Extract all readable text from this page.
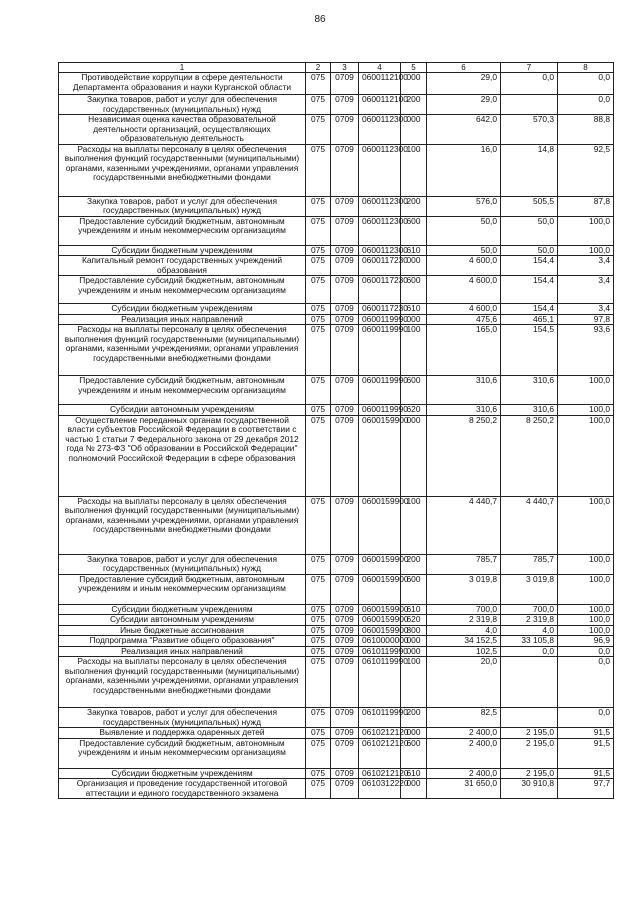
86
1	2	3	4	5	6	7	8
Противодействие коррупции в сфере деятельности Департамента образования и науки Курганской области	075	0709	0600112100	000	29,0	0,0	0,0
Закупка товаров, работ и услуг для обеспечения государственных (муниципальных) нужд	075	0709	0600112100	200	29,0		0,0
Независимая оценка качества образовательной деятельности организаций, осуществляющих образовательную деятельность	075	0709	0600112300	000	642,0	570,3	88,8
Расходы на выплаты персоналу в целях обеспечения выполнения функций государственными (муниципальными) органами, казенными учреждениями, органами управления государственными внебюджетными фондами	075	0709	0600112300	100	16,0	14,8	92,5
Закупка товаров, работ и услуг для обеспечения государственных (муниципальных) нужд	075	0709	0600112300	200	576,0	505,5	87,8
Предоставление субсидий бюджетным, автономным учреждениям и иным некоммерческим организациям	075	0709	0600112300	600	50,0	50,0	100,0
Субсидии бюджетным учреждениям	075	0709	0600112300	610	50,0	50,0	100,0
Капитальный ремонт государственных учреждений образования	075	0709	0600117230	000	4 600,0	154,4	3,4
Предоставление субсидий бюджетным, автономным учреждениям и иным некоммерческим организациям	075	0709	0600117230	600	4 600,0	154,4	3,4
Субсидии бюджетным учреждениям	075	0709	0600117230	610	4 600,0	154,4	3,4
Реализация иных направлений	075	0709	0600119990	000	475,6	465,1	97,8
Расходы на выплаты персоналу в целях обеспечения выполнения функций государственными (муниципальными) органами, казенными учреждениями, органами управления государственными внебюджетными фондами	075	0709	0600119990	100	165,0	154,5	93,6
Предоставление субсидий бюджетным, автономным учреждениям и иным некоммерческим организациям	075	0709	0600119990	600	310,6	310,6	100,0
Субсидии автономным учреждениям	075	0709	0600119990	620	310,6	310,6	100,0
Осуществление переданных органам государственной власти субъектов Российской Федерации в соответствии с частью 1 статьи 7 Федерального закона от 29 декабря 2012 года № 273-ФЗ "Об образовании в Российской Федерации" полномочий Российской Федерации в сфере образования	075	0709	0600159900	000	8 250,2	8 250,2	100,0
Расходы на выплаты персоналу в целях обеспечения выполнения функций государственными (муниципальными) органами, казенными учреждениями, органами управления государственными внебюджетными фондами	075	0709	0600159900	100	4 440,7	4 440,7	100,0
Закупка товаров, работ и услуг для обеспечения государственных (муниципальных) нужд	075	0709	0600159900	200	785,7	785,7	100,0
Предоставление субсидий бюджетным, автономным учреждениям и иным некоммерческим организациям	075	0709	0600159900	600	3 019,8	3 019,8	100,0
Субсидии бюджетным учреждениям	075	0709	0600159900	610	700,0	700,0	100,0
Субсидии автономным учреждениям	075	0709	0600159900	620	2 319,8	2 319,8	100,0
Иные бюджетные ассигнования	075	0709	0600159900	800	4,0	4,0	100,0
Подпрограмма "Развитие общего образования"	075	0709	0610000000	000	34 152,5	33 105,8	96,9
Реализация иных направлений	075	0709	0610119990	000	102,5	0,0	0,0
Расходы на выплаты персоналу в целях обеспечения выполнения функций государственными (муниципальными) органами, казенными учреждениями, органами управления государственными внебюджетными фондами	075	0709	0610119990	100	20,0		0,0
Закупка товаров, работ и услуг для обеспечения государственных (муниципальных) нужд	075	0709	0610119990	200	82,5		0,0
Выявление и поддержка одаренных детей	075	0709	0610212120	000	2 400,0	2 195,0	91,5
Предоставление субсидий бюджетным, автономным учреждениям и иным некоммерческим организациям	075	0709	0610212120	600	2 400,0	2 195,0	91,5
Субсидии бюджетным учреждениям	075	0709	0610212120	610	2 400,0	2 195,0	91,5
Организация и проведение государственной итоговой аттестации и единого государственного экзамена	075	0709	0610312220	000	31 650,0	30 910,8	97,7
